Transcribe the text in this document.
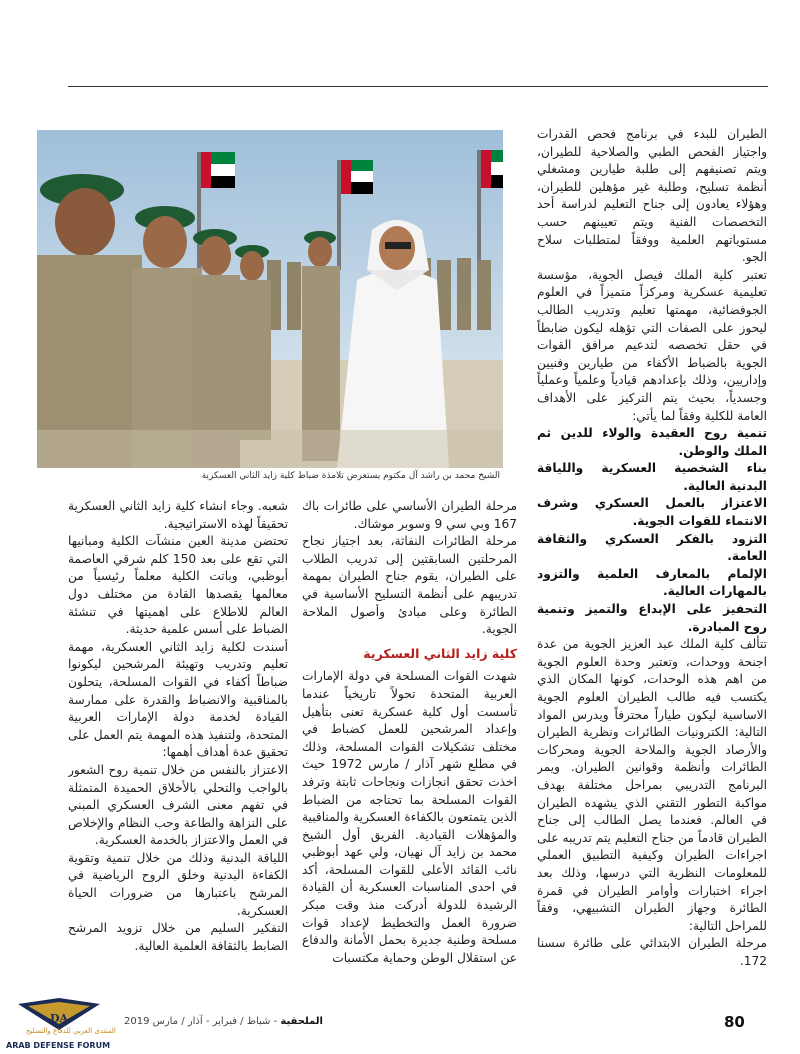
الطيران للبدء في برنامج فحص القدرات واجتياز الفحص الطبي والصلاحية للطيران، ويتم تصنيفهم إلى طلبة طيارين ومشغلي أنظمة تسليح، وطلبة غير مؤهلين للطيران، وهؤلاء يعادون إلى جناح التعليم لدراسة أحد التخصصات الفنية ويتم تعيينهم حسب مستوياتهم العلمية ووفقاً لمتطلبات سلاح الجو.

تعتبر كلية الملك فيصل الجوية، مؤسسة تعليمية عسكرية ومركزاً متميزاً في العلوم الجوفضائية، مهمتها تعليم وتدريب الطالب ليحوز على الصفات التي تؤهله ليكون ضابطاً في حقل تخصصه لتدعيم مرافق القوات الجوية بالضباط الأكفاء من طيارين وفنيين وإداريين، وذلك بإعدادهم قيادياً وعلمياً وعملياً وجسدياً، بحيث يتم التركيز على الأهداف العامة للكلية وفقاً لما يأتي:

تنمية روح العقيدة والولاء للدين ثم الملك والوطن.

بناء الشخصية العسكرية واللياقة البدنية العالية.

الاعتزاز بالعمل العسكري وشرف الانتماء للقوات الجوية.

التزود بالفكر العسكري والثقافة العامة.

الإلمام بالمعارف العلمية والتزود بالمهارات العالية.

التحفيز على الإبداع والتميز وتنمية روح المبادرة.

تتألف كلية الملك عبد العزيز الجوية من عدة اجنحة ووحدات، وتعتبر وحدة العلوم الجوية من اهم هذه الوحدات، كونها المكان الذي يكتسب فيه طالب الطيران العلوم الجوية الاساسية ليكون طياراً محترفاً ويدرس المواد التالية: الكترونيات الطائرات ونظرية الطيران والأرصاد الجوية والملاحة الجوية ومحركات الطائرات وأنظمة وقوانين الطيران. ويمر البرنامج التدريبي بمراحل مختلفة بهدف مواكبة التطور التقني الذي يشهده الطيران في العالم. فعندما يصل الطالب إلى جناح الطيران قادماً من جناح التعليم يتم تدريبه على اجراءات الطيران وكيفية التطبيق العملي للمعلومات النظرية التي درسها، وذلك بعد اجراء اختبارات وأوامر الطيران في قمرة الطائرة وجهاز الطيران التشبيهي، وفقاً للمراحل التالية:

مرحلة الطيران الابتدائي على طائرة سسنا 172.

مرحلة الطيران الأساسي على طائرات باك 167 وبي سي 9 وسوبر موشاك.

مرحلة الطائرات النفاثة، بعد اجتياز نجاح المرحلتين السابقتين إلى تدريب الطلاب على الطيران، يقوم جناح الطيران بمهمة تدريبهم على أنظمة التسليح الأساسية في الطائرة وعلى مبادئ وأصول الملاحة الجوية.

كلية زايد الثاني العسكرية

شهدت القوات المسلحة في دولة الإمارات العربية المتحدة تحولاً تاريخياً عندما تأسست أول كلية عسكرية تعنى بتأهيل وإعداد المرشحين للعمل كضباط في مختلف تشكيلات القوات المسلحة، وذلك في مطلع شهر آذار / مارس 1972 حيث اخذت تحقق انجازات ونجاحات ثابتة وترفد القوات المسلحة بما تحتاجه من الضباط الذين يتمتعون بالكفاءة العسكرية والمناقبية والمؤهلات القيادية. الفريق أول الشيخ محمد بن زايد آل نهيان، ولي عهد أبوظبي نائب القائد الأعلى للقوات المسلحة، أكد في احدى المناسبات العسكرية أن القيادة الرشيدة للدولة أدركت منذ وقت مبكر ضرورة العمل والتخطيط لإعداد قوات مسلحة وطنية جديرة بحمل الأمانة والدفاع عن استقلال الوطن وحماية مكتسبات

شعبه. وجاء انشاء كلية زايد الثاني العسكرية تحقيقاً لهذه الاستراتيجية.

تحتضن مدينة العين منشآت الكلية ومبانيها التي تقع على بعد 150 كلم شرقي العاصمة أبوظبي، وباتت الكلية معلماً رئيسياً من معالمها يقصدها القادة من مختلف دول العالم للاطلاع على اهميتها في تنشئة الضباط على أسس علمية حديثة.

أسندت لكلية زايد الثاني العسكرية، مهمة تعليم وتدريب وتهيئة المرشحين ليكونوا ضباطاً أكفاء في القوات المسلحة، يتحلون بالمناقبية والانضباط والقدرة على ممارسة القيادة لخدمة دولة الإمارات العربية المتحدة، ولتنفيذ هذه المهمة يتم العمل على تحقيق عدة أهداف أهمها:

الاعتزاز بالنفس من خلال تنمية روح الشعور بالواجب والتحلي بالأخلاق الحميدة المتمثلة في تفهم معنى الشرف العسكري المبني على النزاهة والطاعة وحب النظام والإخلاص في العمل والاعتزاز بالخدمة العسكرية.

اللياقة البدنية وذلك من خلال تنمية وتقوية الكفاءة البدنية وخلق الروح الرياضية في المرشح باعتبارها من ضرورات الحياة العسكرية.

التفكير السليم من خلال تزويد المرشح الضابط بالثقافة العلمية العالية.

الشيخ محمد بن راشد آل مكتوم يستعرض تلامذة ضباط كلية زايد الثاني العسكرية
80
الملحقية - شباط / فبراير - آذار / مارس 2019
DA
المنتدى العربي للدفاع والتسليح
ARAB DEFENSE FORUM
